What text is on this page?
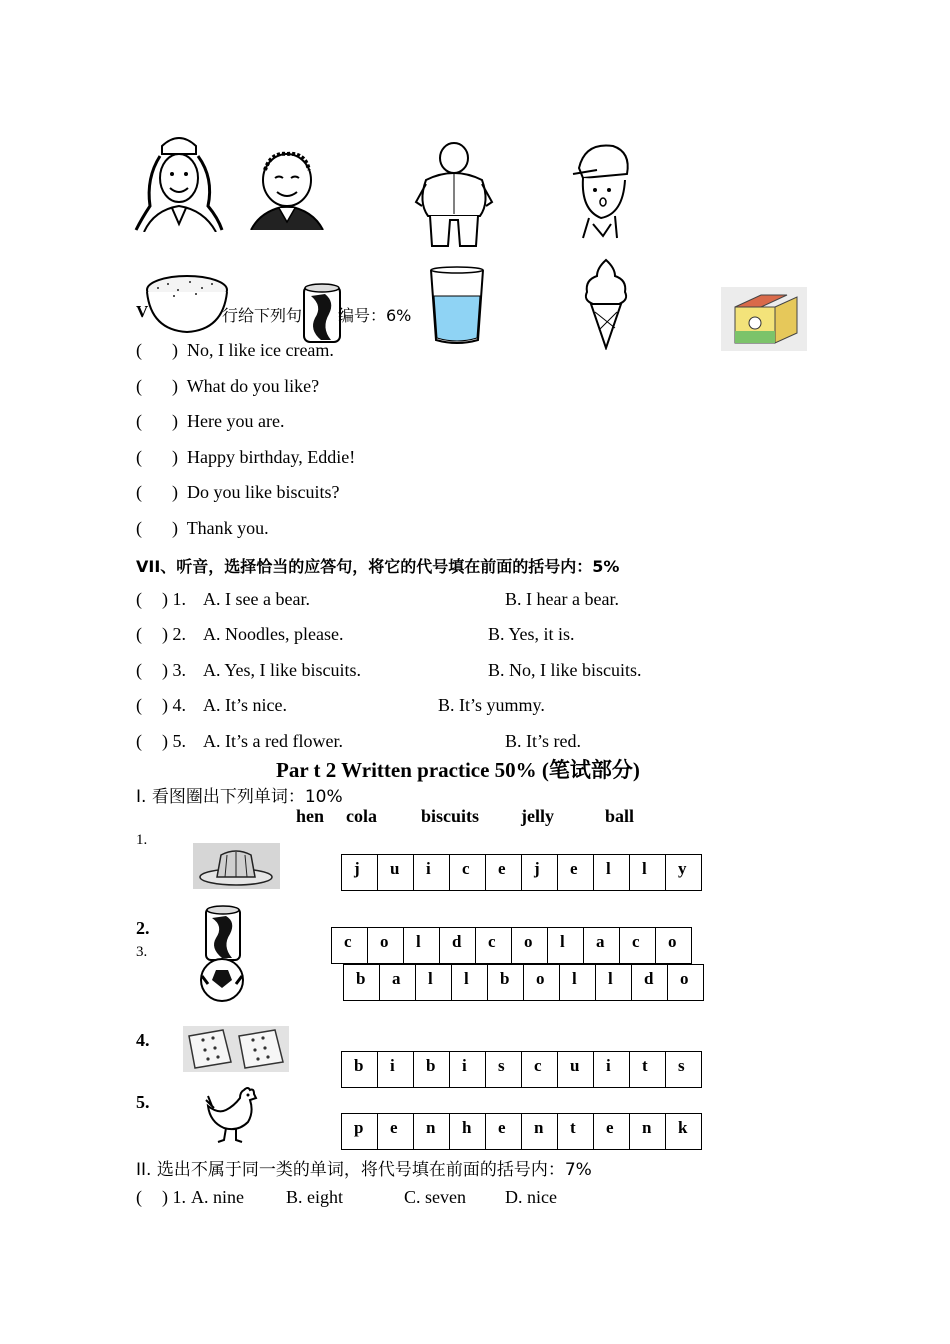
V	行给下列句 编号：6%
( ) No, I like ice cream.
( ) What do you like?
( ) Here you are.
( ) Happy birthday, Eddie!
( ) Do you like biscuits?
( ) Thank you.
VII、听音，选择恰当的应答句，将它的代号填在前面的括号内：5%
( ) 1. A. I see a bear.	B. I hear a bear.
( ) 2. A. Noodles, please.	B. Yes, it is.
( ) 3. A. Yes, I like biscuits.	B. No, I like biscuits.
( ) 4. A. It’s nice.	B. It’s yummy.
( ) 5. A. It’s a red flower.	B. It’s red.
Par t 2 Written practice 50% (笔试部分)
I. 看图圈出下列单词：10%
hen cola biscuits jelly	ball
1.
2.
3.
4.
5.
j	u	i	c	e	j	e	l	l	y
c	o	l	d	c	o	l	a	c	o
b	a	l	l	b	o	l	l	d	o
b	i	b	i	s	c	u	i	t	s
p	e	n	h	e	n	t	e	n	k
II. 选出不属于同一类的单词，将代号填在前面的括号内：7%
( ) 1. A. nine B. eight	C. seven D. nice
